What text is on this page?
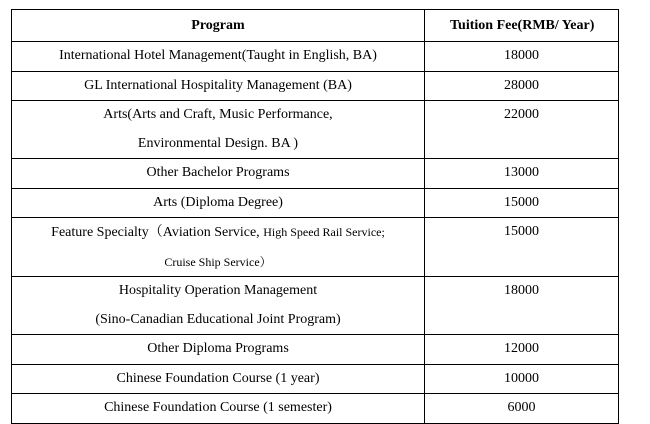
Program	Tuition Fee(RMB/ Year)

International Hotel Management(Taught in English, BA)	18000

GL International Hospitality Management (BA)	28000

Arts(Arts and Craft, Music Performance,
Environmental Design. BA )	22000

Other Bachelor Programs	13000

Arts (Diploma Degree)	15000

Feature Specialty（Aviation Service, High Speed Rail Service;
Cruise Ship Service）	15000

Hospitality Operation Management
(Sino-Canadian Educational Joint Program)	18000

Other Diploma Programs	12000

Chinese Foundation Course (1 year)	10000

Chinese Foundation Course (1 semester)	6000
